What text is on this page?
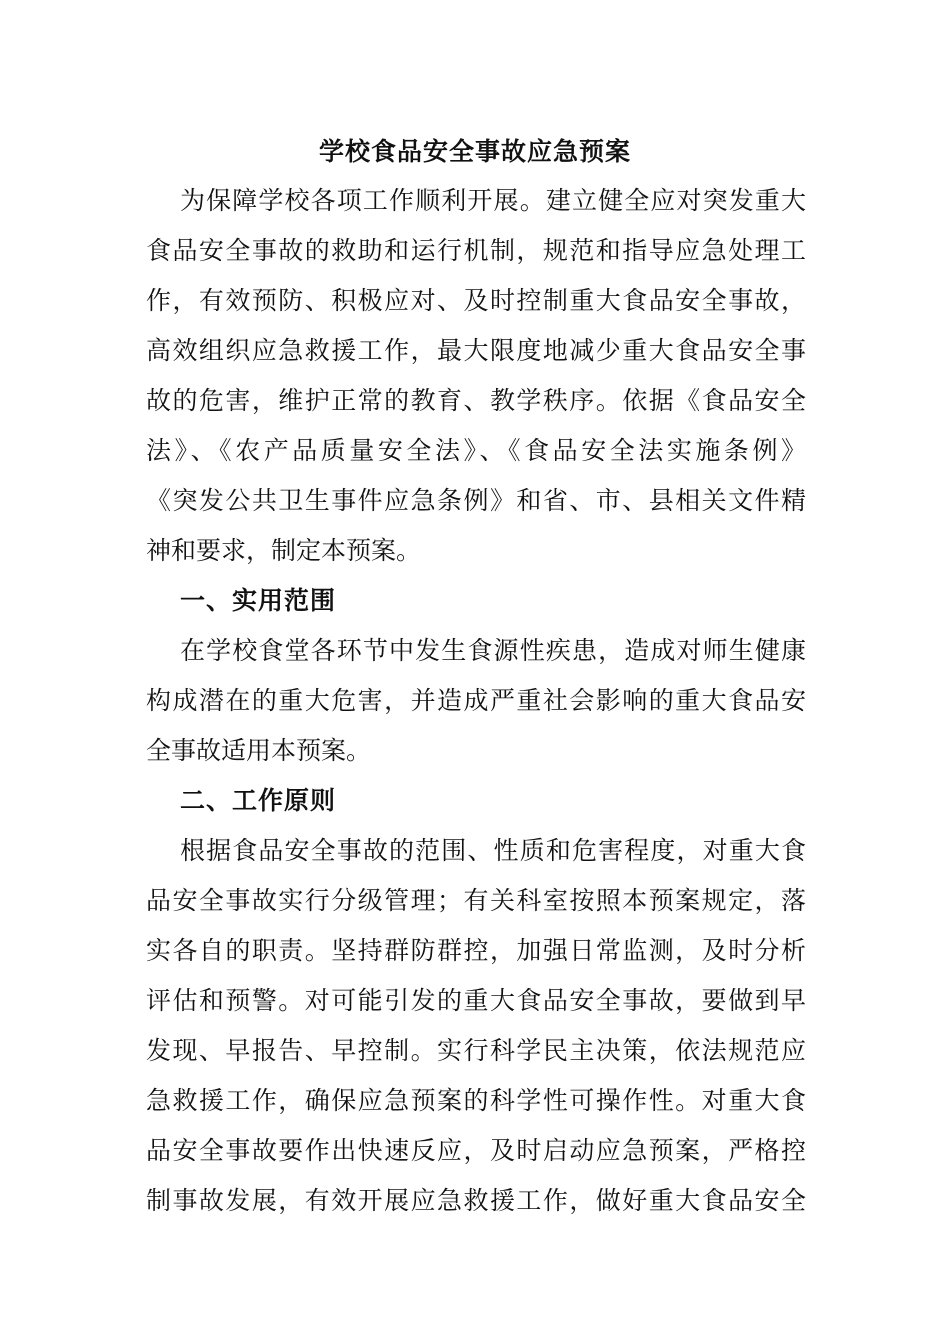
学校食品安全事故应急预案
为保障学校各项工作顺利开展。建立健全应对突发重大
食品安全事故的救助和运行机制，规范和指导应急处理工
作，有效预防、积极应对、及时控制重大食品安全事故，
高效组织应急救援工作，最大限度地减少重大食品安全事
故的危害，维护正常的教育、教学秩序。依据《食品安全
法》、《农产品质量安全法》、《食品安全法实施条例》
《突发公共卫生事件应急条例》和省、市、县相关文件精
神和要求，制定本预案。
一、实用范围
在学校食堂各环节中发生食源性疾患，造成对师生健康
构成潜在的重大危害，并造成严重社会影响的重大食品安
全事故适用本预案。
二、工作原则
根据食品安全事故的范围、性质和危害程度，对重大食
品安全事故实行分级管理；有关科室按照本预案规定，落
实各自的职责。坚持群防群控，加强日常监测，及时分析
评估和预警。对可能引发的重大食品安全事故，要做到早
发现、早报告、早控制。实行科学民主决策，依法规范应
急救援工作，确保应急预案的科学性可操作性。对重大食
品安全事故要作出快速反应，及时启动应急预案，严格控
制事故发展，有效开展应急救援工作，做好重大食品安全
